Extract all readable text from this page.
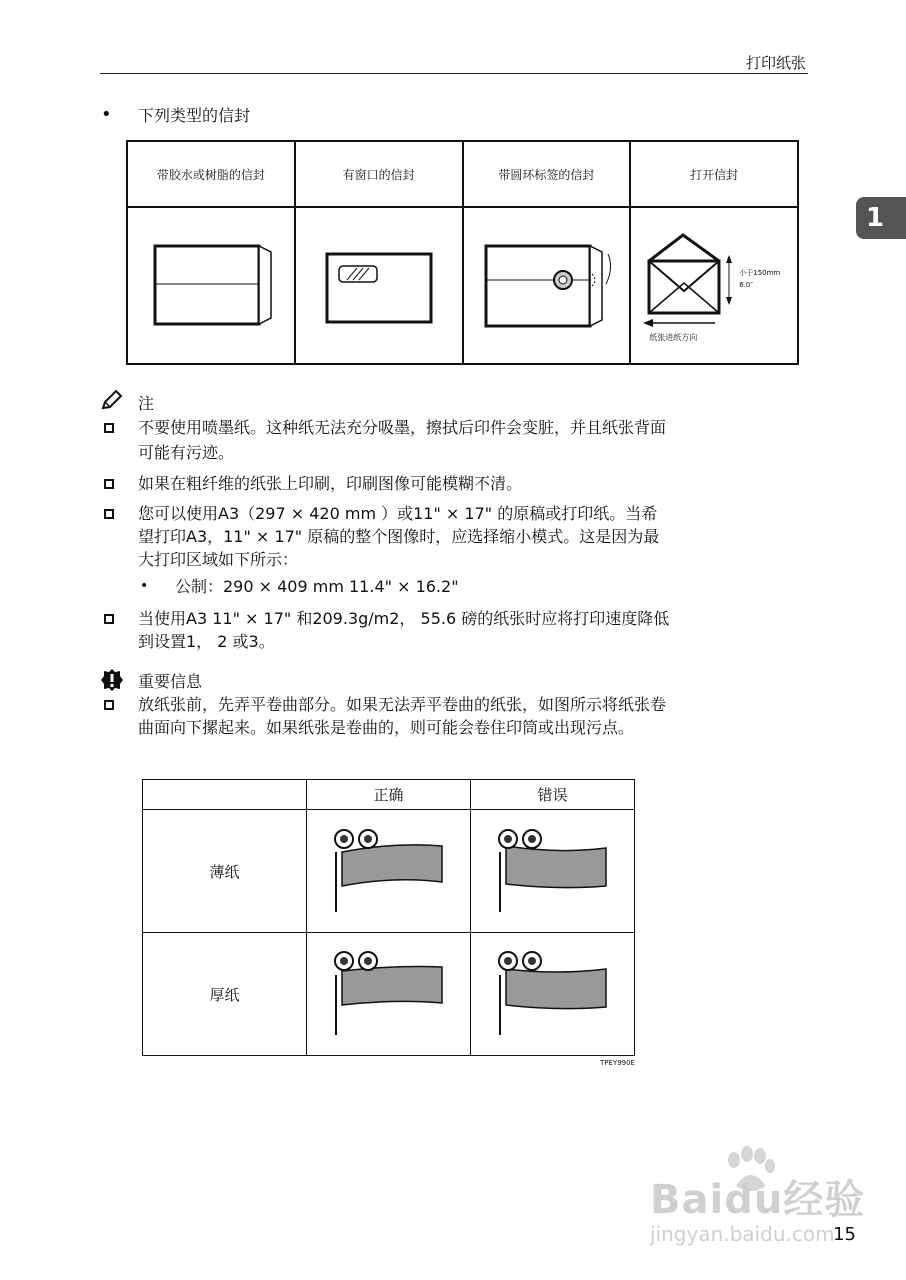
打印纸张
1
• 下列类型的信封
带胶水或树脂的信封	有窗口的信封	带圆环标签的信封	打开信封

小于150mm
6.0″
纸张进纸方向
注
不要使用喷墨纸。这种纸无法充分吸墨，擦拭后印件会变脏，并且纸张背面
可能有污迹。
如果在粗纤维的纸张上印刷，印刷图像可能模糊不清。
您可以使用A3（297 × 420 mm ）或11" × 17" 的原稿或打印纸。当希
望打印A3，11" × 17" 原稿的整个图像时，应选择缩小模式。这是因为最
大打印区域如下所示：
• 公制：290 × 409 mm 11.4" × 16.2"
当使用A3 11" × 17" 和209.3g/m2， 55.6 磅的纸张时应将打印速度降低
到设置1， 2 或3。
重要信息
放纸张前，先弄平卷曲部分。如果无法弄平卷曲的纸张，如图所示将纸张卷
曲面向下摞起来。如果纸张是卷曲的，则可能会卷住印筒或出现污点。
	正确	错误
薄纸		
厚纸		
TPEY990E
Baidu经验
jingyan.baidu.com
15
